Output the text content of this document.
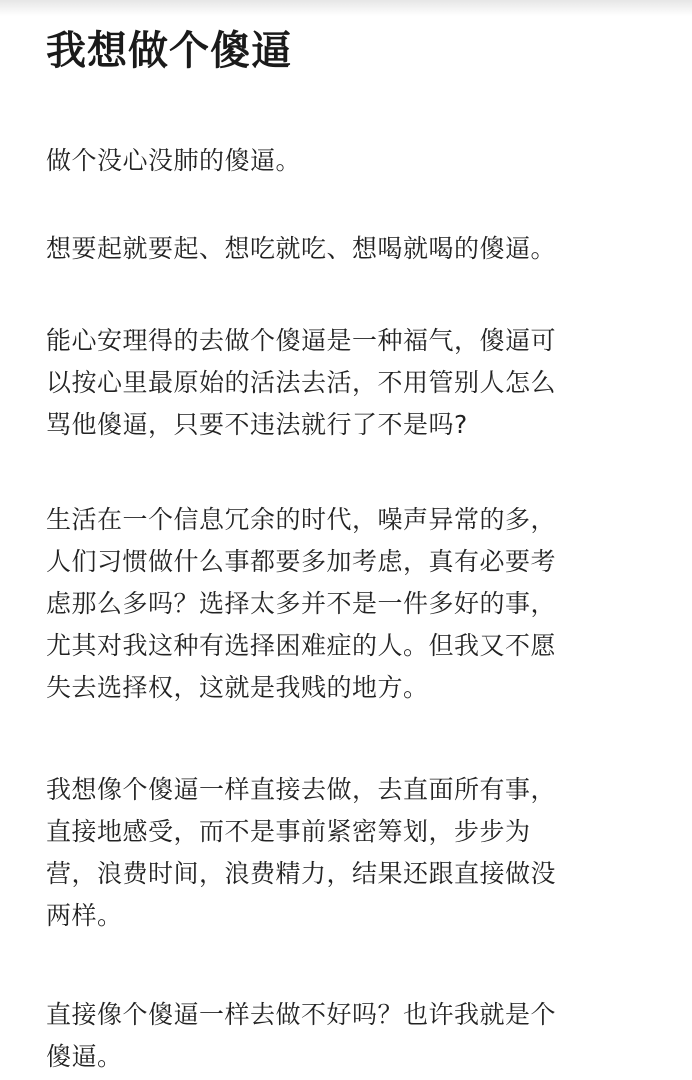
我想做个傻逼

做个没心没肺的傻逼。

想要起就要起、想吃就吃、想喝就喝的傻逼。

能心安理得的去做个傻逼是一种福气，傻逼可
以按心里最原始的活法去活，不用管别人怎么
骂他傻逼，只要不违法就行了不是吗?

生活在一个信息冗余的时代，噪声异常的多，
人们习惯做什么事都要多加考虑，真有必要考
虑那么多吗？选择太多并不是一件多好的事，
尤其对我这种有选择困难症的人。但我又不愿
失去选择权，这就是我贱的地方。

我想像个傻逼一样直接去做，去直面所有事，
直接地感受，而不是事前紧密筹划，步步为
营，浪费时间，浪费精力，结果还跟直接做没
两样。

直接像个傻逼一样去做不好吗？也许我就是个
傻逼。
